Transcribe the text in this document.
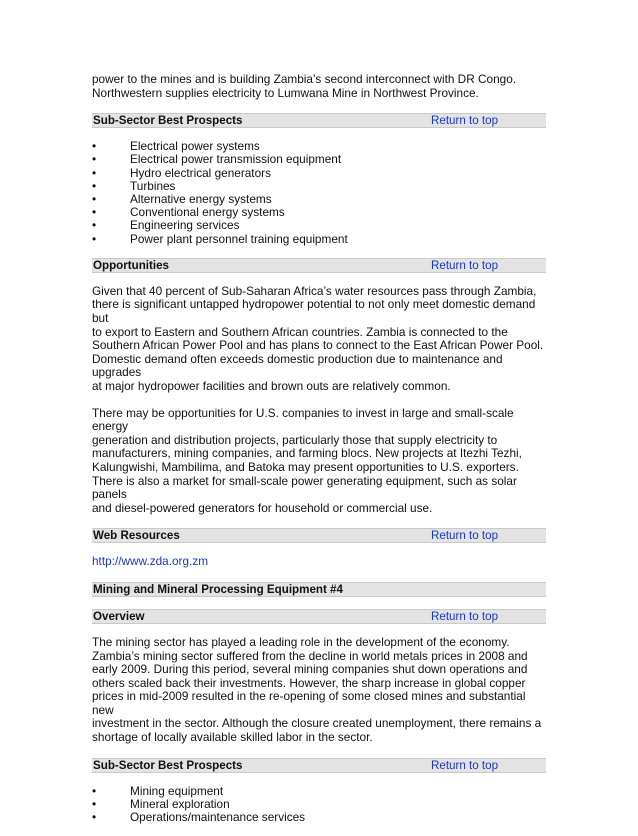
power to the mines and is building Zambia’s second interconnect with DR Congo.
Northwestern supplies electricity to Lumwana Mine in Northwest Province.

Sub-Sector Best Prospects	Return to top
•	Electrical power systems
•	Electrical power transmission equipment
•	Hydro electrical generators
•	Turbines
•	Alternative energy systems
•	Conventional energy systems
•	Engineering services
•	Power plant personnel training equipment
Opportunities	Return to top

Given that 40 percent of Sub-Saharan Africa’s water resources pass through Zambia,
there is significant untapped hydropower potential to not only meet domestic demand but
to export to Eastern and Southern African countries. Zambia is connected to the
Southern African Power Pool and has plans to connect to the East African Power Pool.
Domestic demand often exceeds domestic production due to maintenance and upgrades
at major hydropower facilities and brown outs are relatively common.

There may be opportunities for U.S. companies to invest in large and small-scale energy
generation and distribution projects, particularly those that supply electricity to
manufacturers, mining companies, and farming blocs. New projects at Itezhi Tezhi,
Kalungwishi, Mambilima, and Batoka may present opportunities to U.S. exporters.
There is also a market for small-scale power generating equipment, such as solar panels
and diesel-powered generators for household or commercial use.

Web Resources	Return to top

http://www.zda.org.zm

Mining and Mineral Processing Equipment #4
Overview	Return to top

The mining sector has played a leading role in the development of the economy.
Zambia’s mining sector suffered from the decline in world metals prices in 2008 and
early 2009. During this period, several mining companies shut down operations and
others scaled back their investments. However, the sharp increase in global copper
prices in mid-2009 resulted in the re-opening of some closed mines and substantial new
investment in the sector. Although the closure created unemployment, there remains a
shortage of locally available skilled labor in the sector.

Sub-Sector Best Prospects	Return to top
•	Mining equipment
•	Mineral exploration
•	Operations/maintenance services
